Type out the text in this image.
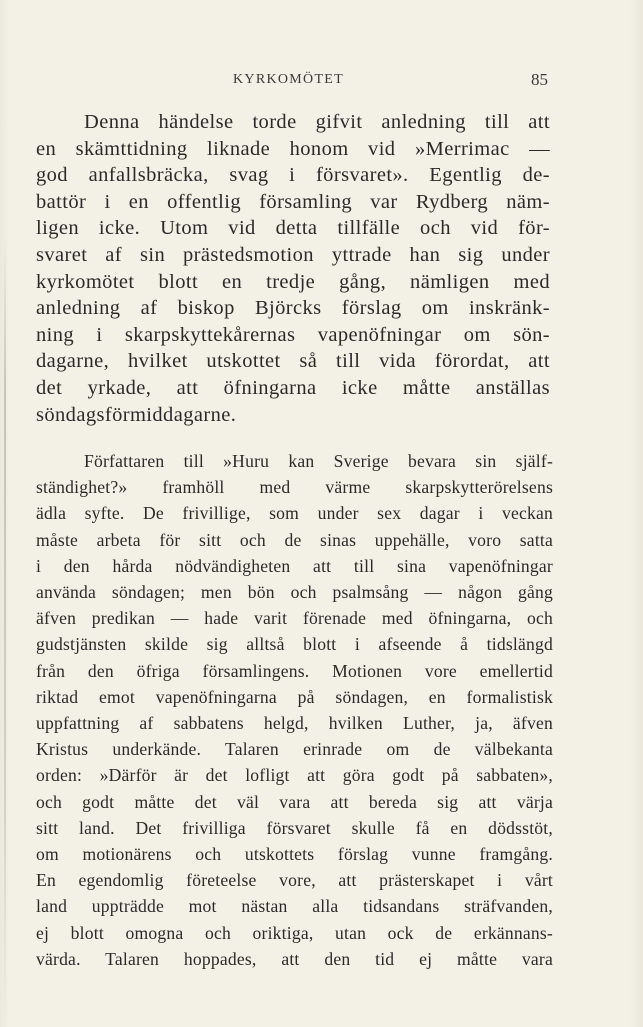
KYRKOMÖTET	85

Denna händelse torde gifvit anledning till att
en skämttidning liknade honom vid »Merrimac —
god anfallsbräcka, svag i försvaret». Egentlig de-
battör i en offentlig församling var Rydberg näm-
ligen icke. Utom vid detta tillfälle och vid för-
svaret af sin prästedsmotion yttrade han sig under
kyrkomötet blott en tredje gång, nämligen med
anledning af biskop Björcks förslag om inskränk-
ning i skarpskyttekårernas vapenöfningar om sön-
dagarne, hvilket utskottet så till vida förordat, att
det yrkade, att öfningarna icke måtte anställas
söndagsförmiddagarne.

Författaren till »Huru kan Sverige bevara sin själf-
ständighet?» framhöll med värme skarpskytterörelsens
ädla syfte. De frivillige, som under sex dagar i veckan
måste arbeta för sitt och de sinas uppehälle, voro satta
i den hårda nödvändigheten att till sina vapenöfningar
använda söndagen; men bön och psalmsång — någon gång
äfven predikan — hade varit förenade med öfningarna, och
gudstjänsten skilde sig alltså blott i afseende å tidslängd
från den öfriga församlingens. Motionen vore emellertid
riktad emot vapenöfningarna på söndagen, en formalistisk
uppfattning af sabbatens helgd, hvilken Luther, ja, äfven
Kristus underkände. Talaren erinrade om de välbekanta
orden: »Därför är det lofligt att göra godt på sabbaten»,
och godt måtte det väl vara att bereda sig att värja
sitt land. Det frivilliga försvaret skulle få en dödsstöt,
om motionärens och utskottets förslag vunne framgång.
En egendomlig företeelse vore, att prästerskapet i vårt
land uppträdde mot nästan alla tidsandans sträfvanden,
ej blott omogna och oriktiga, utan ock de erkännans-
värda. Talaren hoppades, att den tid ej måtte vara
